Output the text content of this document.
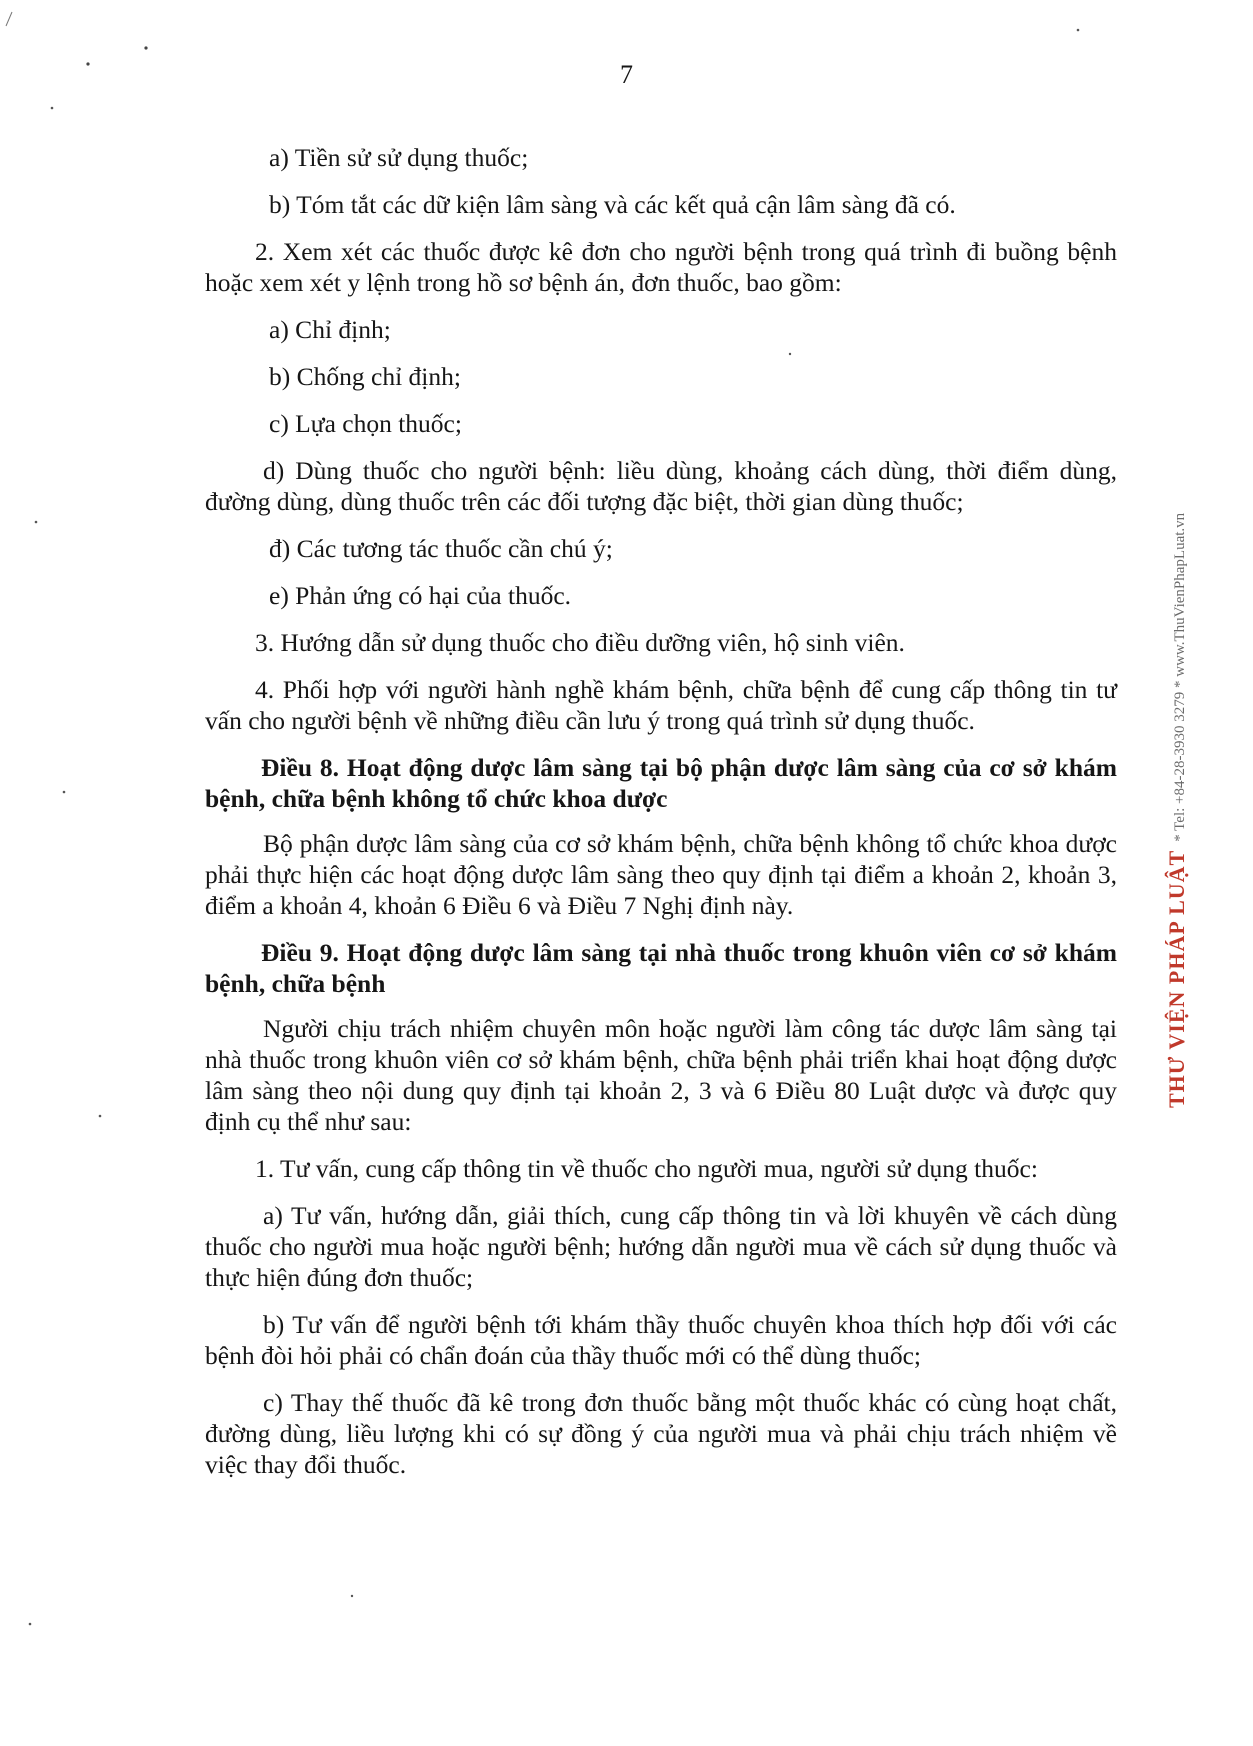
7

a) Tiền sử sử dụng thuốc;

b) Tóm tắt các dữ kiện lâm sàng và các kết quả cận lâm sàng đã có.

2. Xem xét các thuốc được kê đơn cho người bệnh trong quá trình đi buồng bệnh hoặc xem xét y lệnh trong hồ sơ bệnh án, đơn thuốc, bao gồm:

a) Chỉ định;

b) Chống chỉ định;

c) Lựa chọn thuốc;

d) Dùng thuốc cho người bệnh: liều dùng, khoảng cách dùng, thời điểm dùng, đường dùng, dùng thuốc trên các đối tượng đặc biệt, thời gian dùng thuốc;

đ) Các tương tác thuốc cần chú ý;

e) Phản ứng có hại của thuốc.

3. Hướng dẫn sử dụng thuốc cho điều dưỡng viên, hộ sinh viên.

4. Phối hợp với người hành nghề khám bệnh, chữa bệnh để cung cấp thông tin tư vấn cho người bệnh về những điều cần lưu ý trong quá trình sử dụng thuốc.

Điều 8. Hoạt động dược lâm sàng tại bộ phận dược lâm sàng của cơ sở khám bệnh, chữa bệnh không tổ chức khoa dược

Bộ phận dược lâm sàng của cơ sở khám bệnh, chữa bệnh không tổ chức khoa dược phải thực hiện các hoạt động dược lâm sàng theo quy định tại điểm a khoản 2, khoản 3, điểm a khoản 4, khoản 6 Điều 6 và Điều 7 Nghị định này.

Điều 9. Hoạt động dược lâm sàng tại nhà thuốc trong khuôn viên cơ sở khám bệnh, chữa bệnh

Người chịu trách nhiệm chuyên môn hoặc người làm công tác dược lâm sàng tại nhà thuốc trong khuôn viên cơ sở khám bệnh, chữa bệnh phải triển khai hoạt động dược lâm sàng theo nội dung quy định tại khoản 2, 3 và 6 Điều 80 Luật dược và được quy định cụ thể như sau:

1. Tư vấn, cung cấp thông tin về thuốc cho người mua, người sử dụng thuốc:

a) Tư vấn, hướng dẫn, giải thích, cung cấp thông tin và lời khuyên về cách dùng thuốc cho người mua hoặc người bệnh; hướng dẫn người mua về cách sử dụng thuốc và thực hiện đúng đơn thuốc;

b) Tư vấn để người bệnh tới khám thầy thuốc chuyên khoa thích hợp đối với các bệnh đòi hỏi phải có chẩn đoán của thầy thuốc mới có thể dùng thuốc;

c) Thay thế thuốc đã kê trong đơn thuốc bằng một thuốc khác có cùng hoạt chất, đường dùng, liều lượng khi có sự đồng ý của người mua và phải chịu trách nhiệm về việc thay đổi thuốc.

THƯ VIỆN PHÁP LUẬT* Tel: +84-28-3930 3279 * www.ThuVienPhapLuat.vn
